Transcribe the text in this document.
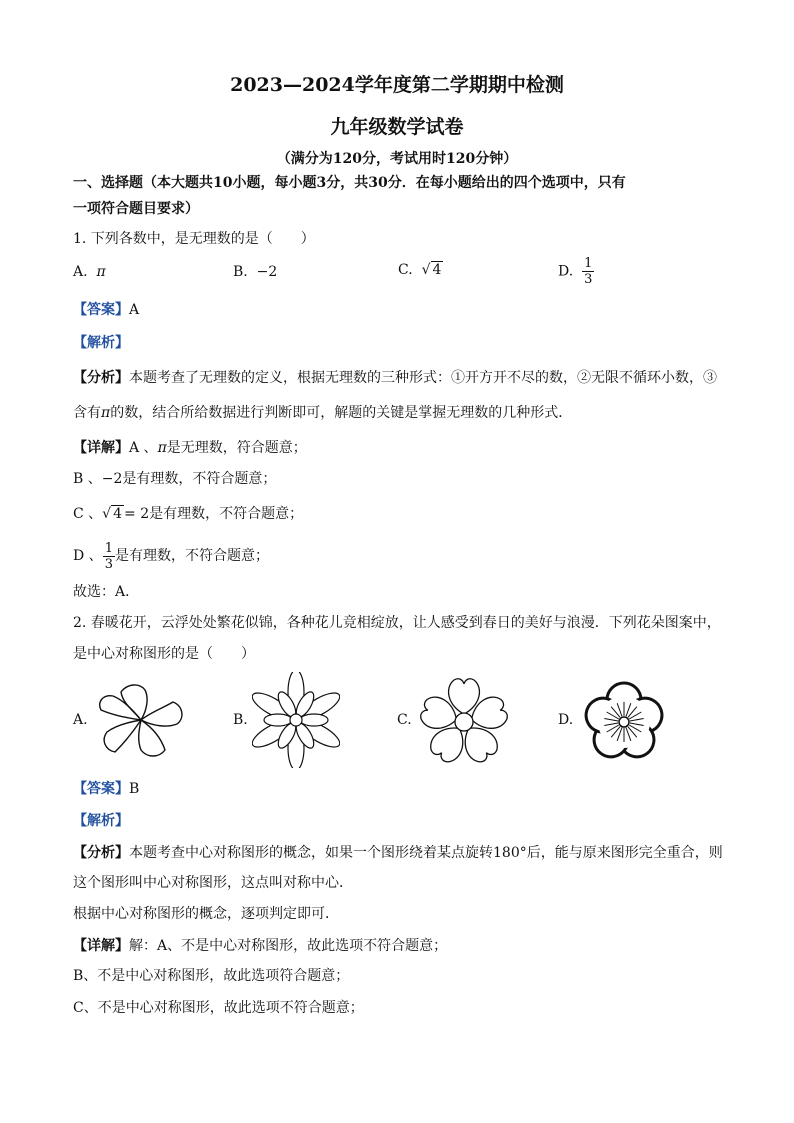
2023—2024学年度第二学期期中检测
九年级数学试卷
（满分为120分，考试用时120分钟）
一、选择题（本大题共10小题，每小题3分，共30分．在每小题给出的四个选项中，只有
一项符合题目要求）
1. 下列各数中，是无理数的是（　　）
A. π	B. −2	C. √ 4	D. $\frac{1}{3}$
【答案】A
【解析】
【分析】本题考查了无理数的定义，根据无理数的三种形式：①开方开不尽的数，②无限不循环小数，③
含有π的数，结合所给数据进行判断即可，解题的关键是掌握无理数的几种形式．
【详解】A 、π是无理数，符合题意；
B 、−2是有理数，不符合题意；
C 、√ 4 = 2是有理数，不符合题意；
D 、 $\frac{1}{3}$ 是有理数，不符合题意；
故选：A．
2. 春暖花开，云浮处处繁花似锦，各种花儿竞相绽放，让人感受到春日的美好与浪漫．下列花朵图案中，
是中心对称图形的是（　　）
A.	B.	C.	D.
【答案】B
【解析】
【分析】本题考查中心对称图形的概念，如果一个图形绕着某点旋转180°后，能与原来图形完全重合，则
这个图形叫中心对称图形，这点叫对称中心．
根据中心对称图形的概念，逐项判定即可．
【详解】解：A、不是中心对称图形，故此选项不符合题意；
B、不是中心对称图形，故此选项符合题意；
C、不是中心对称图形，故此选项不符合题意；
